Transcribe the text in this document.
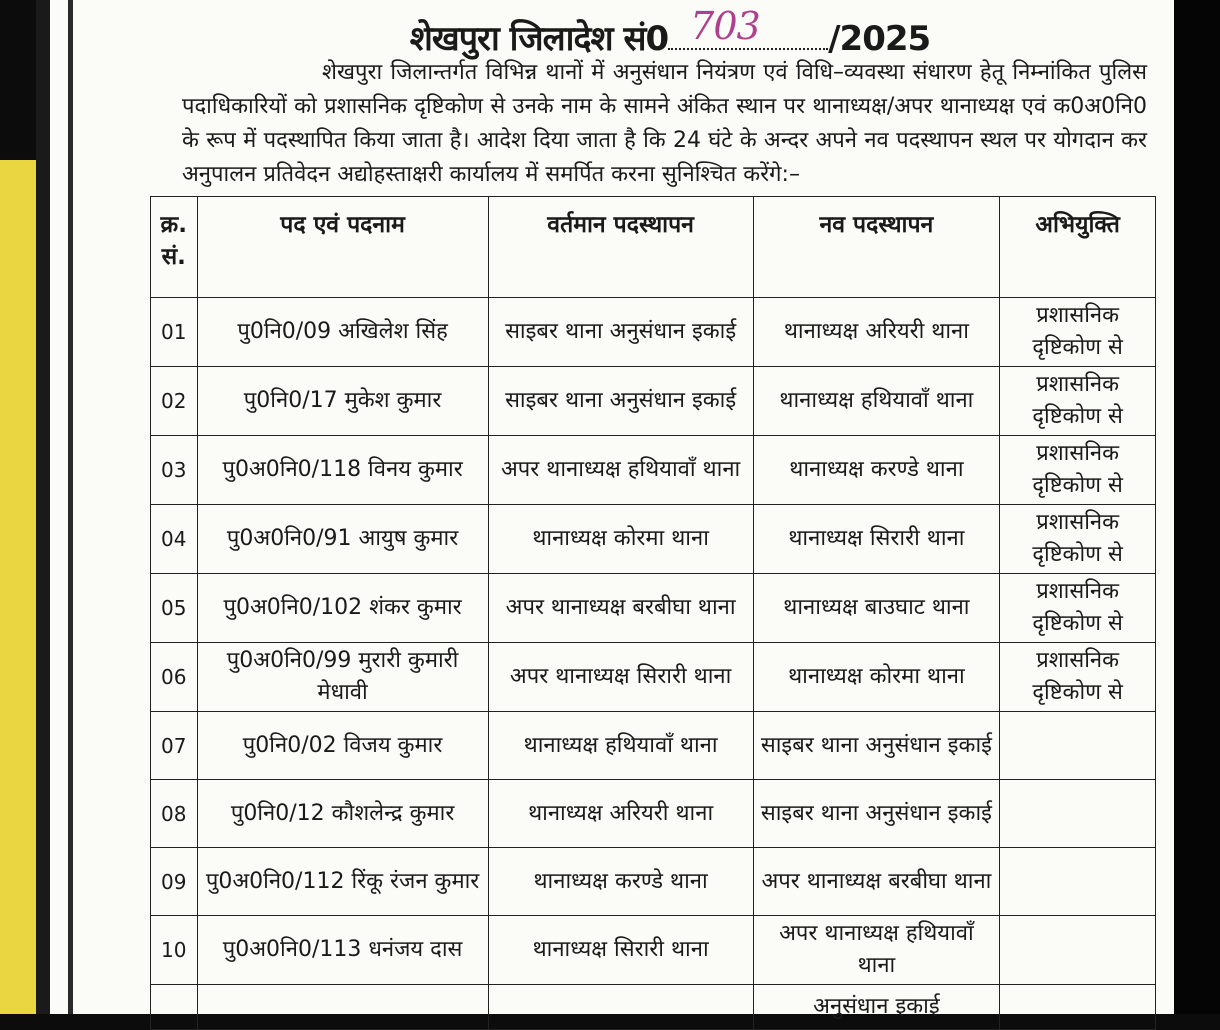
शेखपुरा जिलादेश सं0 703 /2025
शेखपुरा जिलान्तर्गत विभिन्न थानों में अनुसंधान नियंत्रण एवं विधि–व्यवस्था संधारण हेतू निम्नांकित पुलिस पदाधिकारियों को प्रशासनिक दृष्टिकोण से उनके नाम के सामने अंकित स्थान पर थानाध्यक्ष/अपर थानाध्यक्ष एवं क0अ0नि0 के रूप में पदस्थापित किया जाता है। आदेश दिया जाता है कि 24 घंटे के अन्दर अपने नव पदस्थापन स्थल पर योगदान कर अनुपालन प्रतिवेदन अद्योहस्ताक्षरी कार्यालय में समर्पित करना सुनिश्चित करेंगे:–
क्र. सं.	पद एवं पदनाम	वर्तमान पदस्थापन	नव पदस्थापन	अभियुक्ति
01	पु0नि0/09 अखिलेश सिंह	साइबर थाना अनुसंधान इकाई	थानाध्यक्ष अरियरी थाना	प्रशासनिक दृष्टिकोण से
02	पु0नि0/17 मुकेश कुमार	साइबर थाना अनुसंधान इकाई	थानाध्यक्ष हथियावाँ थाना	प्रशासनिक दृष्टिकोण से
03	पु0अ0नि0/118 विनय कुमार	अपर थानाध्यक्ष हथियावाँ थाना	थानाध्यक्ष करण्डे थाना	प्रशासनिक दृष्टिकोण से
04	पु0अ0नि0/91 आयुष कुमार	थानाध्यक्ष कोरमा थाना	थानाध्यक्ष सिरारी थाना	प्रशासनिक दृष्टिकोण से
05	पु0अ0नि0/102 शंकर कुमार	अपर थानाध्यक्ष बरबीघा थाना	थानाध्यक्ष बाउघाट थाना	प्रशासनिक दृष्टिकोण से
06	पु0अ0नि0/99 मुरारी कुमारी मेधावी	अपर थानाध्यक्ष सिरारी थाना	थानाध्यक्ष कोरमा थाना	प्रशासनिक दृष्टिकोण से
07	पु0नि0/02 विजय कुमार	थानाध्यक्ष हथियावाँ थाना	साइबर थाना अनुसंधान इकाई	
08	पु0नि0/12 कौशलेन्द्र कुमार	थानाध्यक्ष अरियरी थाना	साइबर थाना अनुसंधान इकाई	
09	पु0अ0नि0/112 रिंकू रंजन कुमार	थानाध्यक्ष करण्डे थाना	अपर थानाध्यक्ष बरबीघा थाना	
10	पु0अ0नि0/113 धनंजय दास	थानाध्यक्ष सिरारी थाना	अपर थानाध्यक्ष हथियावाँ थाना	
			अनुसंधान इकाई	
